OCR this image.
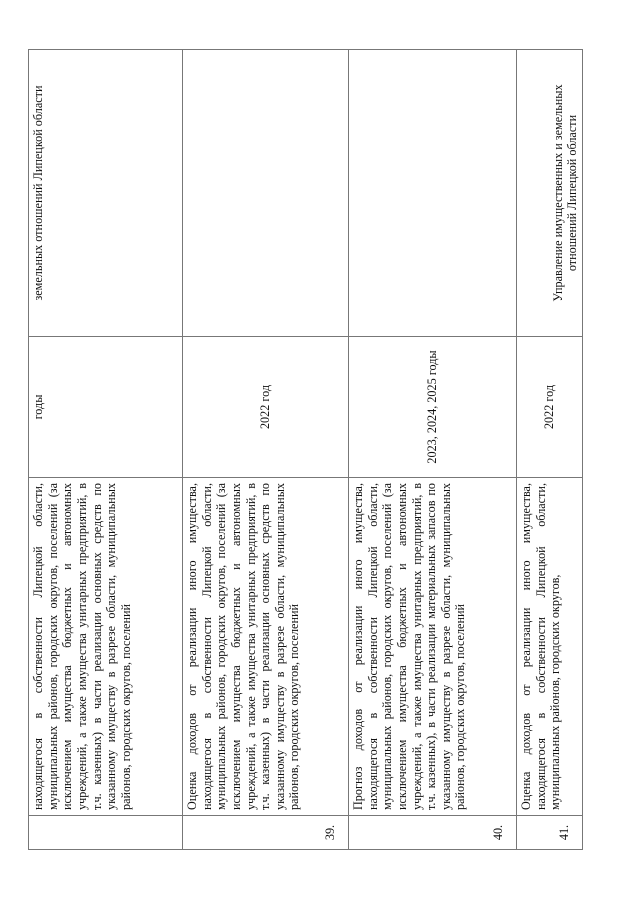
	находящегося в собственности Липецкой области, муниципальных районов, городских округов, поселений (за исключением имущества бюджетных и автономных учреждений, а также имущества унитарных предприятий, в т.ч. казенных) в части реализации основных средств по указанному имуществу в разрезе области, муниципальных районов, городских округов, поселений	годы	земельных отношений Липецкой области
39.	Оценка доходов от реализации иного имущества, находящегося в собственности Липецкой области, муниципальных районов, городских округов, поселений (за исключением имущества бюджетных и автономных учреждений, а также имущества унитарных предприятий, в т.ч. казенных) в части реализации основных средств по указанному имуществу в разрезе области, муниципальных районов, городских округов, поселений	2022 год	
40.	Прогноз доходов от реализации иного имущества, находящегося в собственности Липецкой области, муниципальных районов, городских округов, поселений (за исключением имущества бюджетных и автономных учреждений, а также имущества унитарных предприятий, в т.ч. казенных), в части реализации материальных запасов по указанному имуществу в разрезе области, муниципальных районов, городских округов, поселений	2023, 2024, 2025 годы	
41.	Оценка доходов от реализации иного имущества, находящегося в собственности Липецкой области, муниципальных районов, городских округов,	2022 год	Управление имущественных и земельных отношений Липецкой области
